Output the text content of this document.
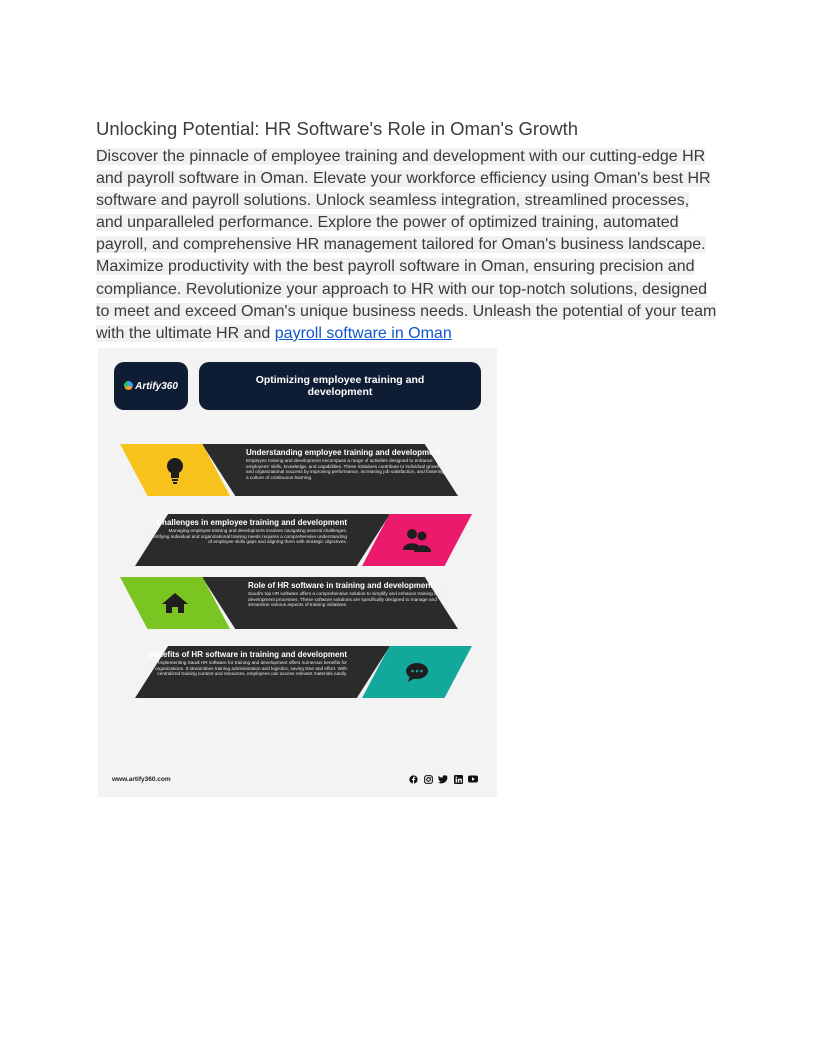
Unlocking Potential: HR Software's Role in Oman's Growth
Discover the pinnacle of employee training and development with our cutting-edge HR and payroll software in Oman. Elevate your workforce efficiency using Oman's best HR software and payroll solutions. Unlock seamless integration, streamlined processes, and unparalleled performance. Explore the power of optimized training, automated payroll, and comprehensive HR management tailored for Oman's business landscape. Maximize productivity with the best payroll software in Oman, ensuring precision and compliance. Revolutionize your approach to HR with our top-notch solutions, designed to meet and exceed Oman's unique business needs. Unleash the potential of your team with the ultimate HR and payroll software in Oman
Artify360	Optimizing employee training and development
Understanding employee training and development
Employee training and development encompass a range of activities designed to enhance employees' skills, knowledge, and capabilities. These initiatives contribute to individual growth and organizational success by improving performance, increasing job satisfaction, and fostering a culture of continuous learning.
Challenges in employee training and development
Managing employee training and development involves navigating several challenges. Identifying individual and organizational training needs requires a comprehensive understanding of employee skills gaps and aligning them with strategic objectives.
Role of HR software in training and development
Saudi's top HR software offers a comprehensive solution to simplify and enhance training and development processes. These software solutions are specifically designed to manage and streamline various aspects of training initiatives.
Benefits of HR software in training and development
Implementing Saudi HR software for training and development offers numerous benefits for organizations. It streamlines training administration and logistics, saving time and effort. With centralized training content and resources, employees can access relevant materials easily.
www.artify360.com
